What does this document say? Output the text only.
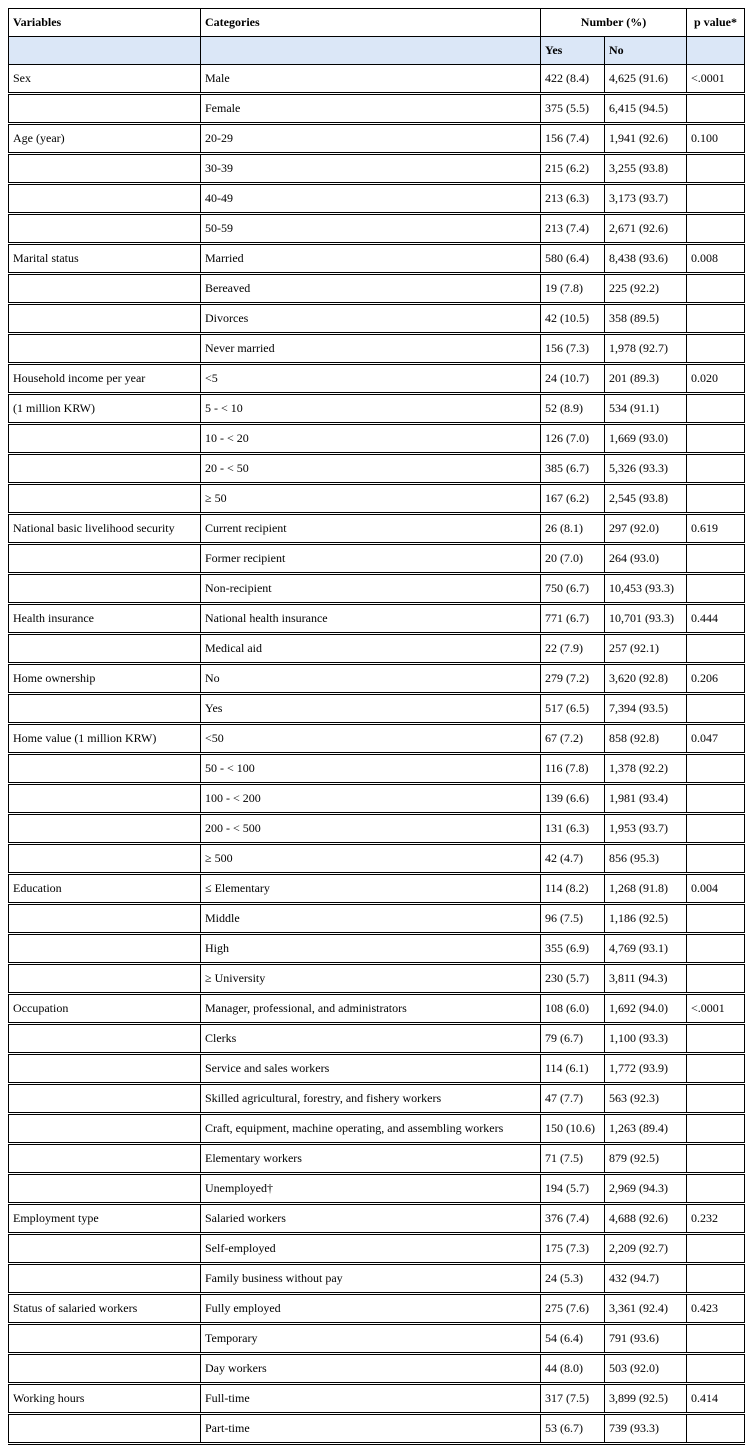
Variables	Categories	Number (%)		p value*
		Yes	No	
Sex	Male	422 (8.4)	4,625 (91.6)	<.0001
	Female	375 (5.5)	6,415 (94.5)	
Age (year)	20-29	156 (7.4)	1,941 (92.6)	0.100
	30-39	215 (6.2)	3,255 (93.8)	
	40-49	213 (6.3)	3,173 (93.7)	
	50-59	213 (7.4)	2,671 (92.6)	
Marital status	Married	580 (6.4)	8,438 (93.6)	0.008
	Bereaved	19 (7.8)	225 (92.2)	
	Divorces	42 (10.5)	358 (89.5)	
	Never married	156 (7.3)	1,978 (92.7)	
Household income per year	<5	24 (10.7)	201 (89.3)	0.020
(1 million KRW)	5 - < 10	52 (8.9)	534 (91.1)	
	10 - < 20	126 (7.0)	1,669 (93.0)	
	20 - < 50	385 (6.7)	5,326 (93.3)	
	≥ 50	167 (6.2)	2,545 (93.8)	
National basic livelihood security	Current recipient	26 (8.1)	297 (92.0)	0.619
	Former recipient	20 (7.0)	264 (93.0)	
	Non-recipient	750 (6.7)	10,453 (93.3)	
Health insurance	National health insurance	771 (6.7)	10,701 (93.3)	0.444
	Medical aid	22 (7.9)	257 (92.1)	
Home ownership	No	279 (7.2)	3,620 (92.8)	0.206
	Yes	517 (6.5)	7,394 (93.5)	
Home value (1 million KRW)	<50	67 (7.2)	858 (92.8)	0.047
	50 - < 100	116 (7.8)	1,378 (92.2)	
	100 - < 200	139 (6.6)	1,981 (93.4)	
	200 - < 500	131 (6.3)	1,953 (93.7)	
	≥ 500	42 (4.7)	856 (95.3)	
Education	≤ Elementary	114 (8.2)	1,268 (91.8)	0.004
	Middle	96 (7.5)	1,186 (92.5)	
	High	355 (6.9)	4,769 (93.1)	
	≥ University	230 (5.7)	3,811 (94.3)	
Occupation	Manager, professional, and administrators	108 (6.0)	1,692 (94.0)	<.0001
	Clerks	79 (6.7)	1,100 (93.3)	
	Service and sales workers	114 (6.1)	1,772 (93.9)	
	Skilled agricultural, forestry, and fishery workers	47 (7.7)	563 (92.3)	
	Craft, equipment, machine operating, and assembling workers	150 (10.6)	1,263 (89.4)	
	Elementary workers	71 (7.5)	879 (92.5)	
	Unemployed†	194 (5.7)	2,969 (94.3)	
Employment type	Salaried workers	376 (7.4)	4,688 (92.6)	0.232
	Self-employed	175 (7.3)	2,209 (92.7)	
	Family business without pay	24 (5.3)	432 (94.7)	
Status of salaried workers	Fully employed	275 (7.6)	3,361 (92.4)	0.423
	Temporary	54 (6.4)	791 (93.6)	
	Day workers	44 (8.0)	503 (92.0)	
Working hours	Full-time	317 (7.5)	3,899 (92.5)	0.414
	Part-time	53 (6.7)	739 (93.3)	
